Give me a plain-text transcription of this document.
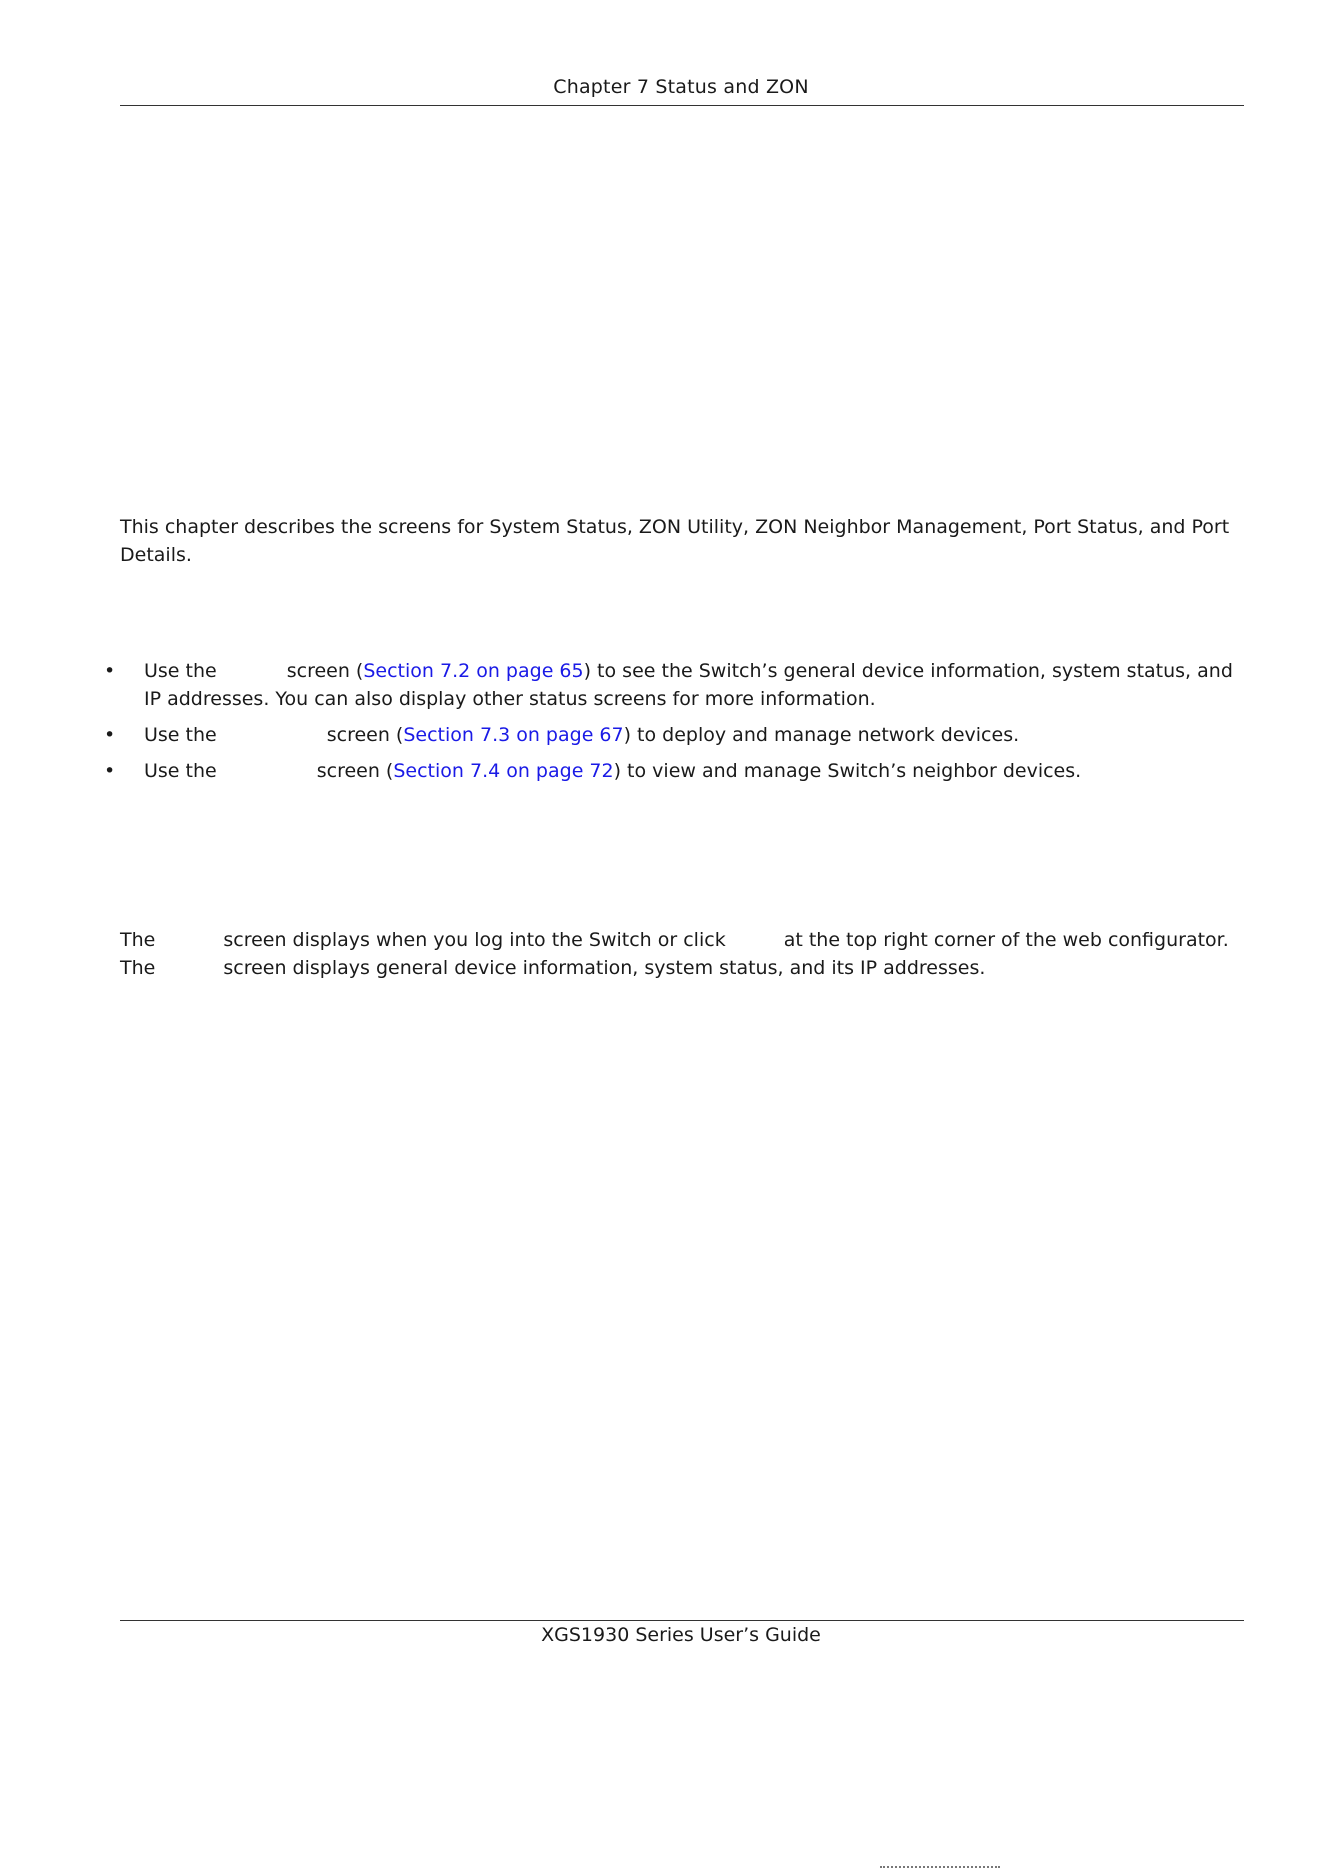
Chapter 7 Status and ZON
This chapter describes the screens for System Status, ZON Utility, ZON Neighbor Management, Port Status, and Port Details.
• Use the	screen (Section 7.2 on page 65) to see the Switch’s general device information, system status, and IP addresses. You can also display other status screens for more information.
• Use the	screen (Section 7.3 on page 67) to deploy and manage network devices.
• Use the	screen (Section 7.4 on page 72) to view and manage Switch’s neighbor devices.
The	screen displays when you log into the Switch or click	at the top right corner of the web configurator.
The	screen displays general device information, system status, and its IP addresses.
XGS1930 Series User’s Guide
